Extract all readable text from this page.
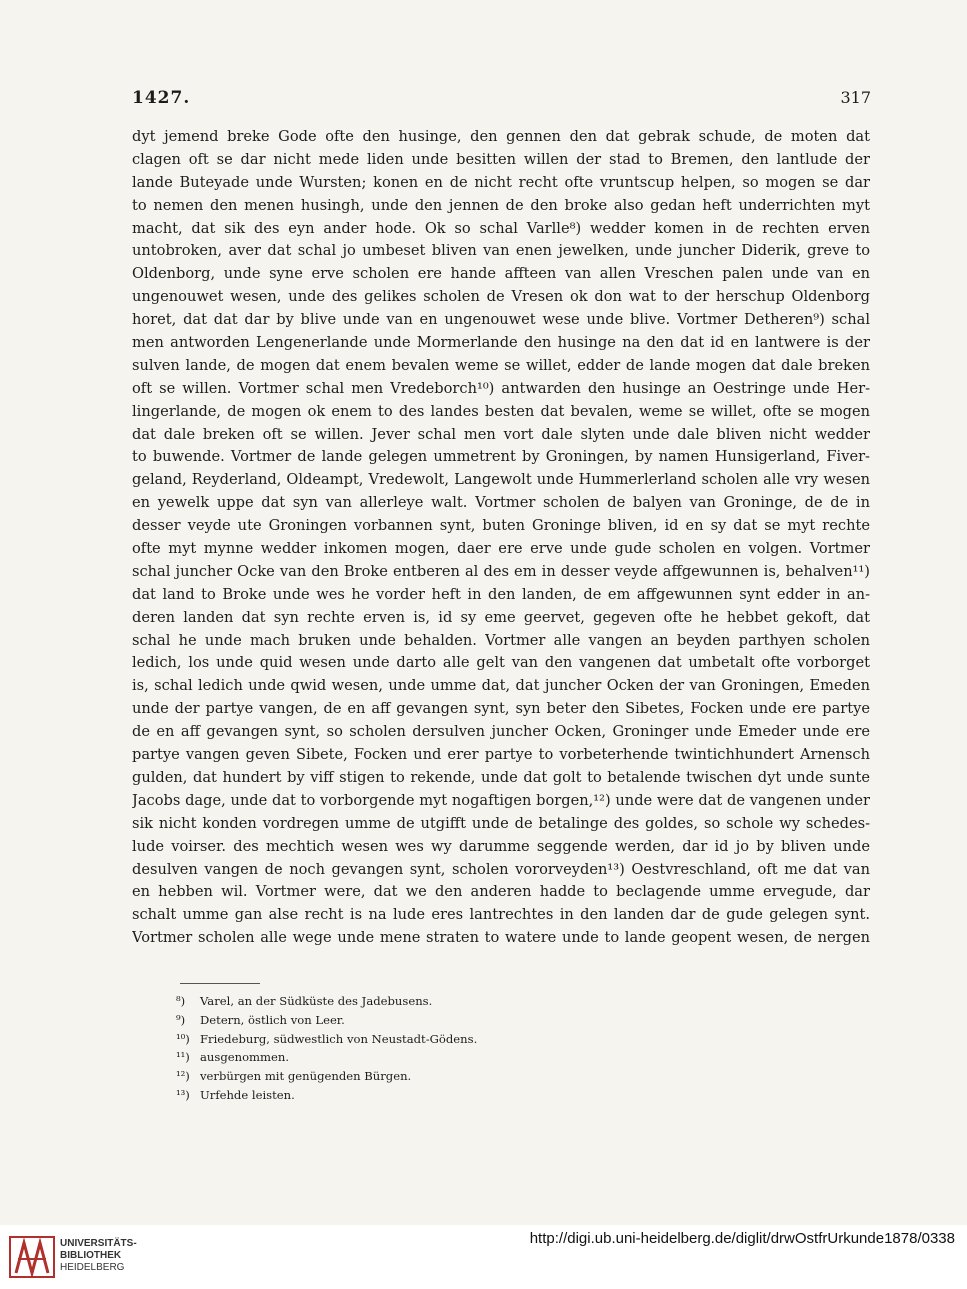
1427.	317
dyt jemend breke Gode ofte den husinge, den gennen den dat gebrak schude, de moten dat
clagen oft se dar nicht mede liden unde besitten willen der stad to Bremen, den lantlude der
lande Buteyade unde Wursten; konen en de nicht recht ofte vruntscup helpen, so mogen se dar
to nemen den menen husingh, unde den jennen de den broke also gedan heft underrichten myt
macht, dat sik des eyn ander hode. Ok so schal Varlle⁸) wedder komen in de rechten erven
untobroken, aver dat schal jo umbeset bliven van enen jewelken, unde juncher Diderik, greve to
Oldenborg, unde syne erve scholen ere hande affteen van allen Vreschen palen unde van en
ungenouwet wesen, unde des gelikes scholen de Vresen ok don wat to der herschup Oldenborg
horet, dat dat dar by blive unde van en ungenouwet wese unde blive. Vortmer Detheren⁹) schal
men antworden Lengenerlande unde Mormerlande den husinge na den dat id en lantwere is der
sulven lande, de mogen dat enem bevalen weme se willet, edder de lande mogen dat dale breken
oft se willen. Vortmer schal men Vredeborch¹⁰) antwarden den husinge an Oestringe unde Her-
lingerlande, de mogen ok enem to des landes besten dat bevalen, weme se willet, ofte se mogen
dat dale breken oft se willen. Jever schal men vort dale slyten unde dale bliven nicht wedder
to buwende. Vortmer de lande gelegen ummetrent by Groningen, by namen Hunsigerland, Fiver-
geland, Reyderland, Oldeampt, Vredewolt, Langewolt unde Hummerlerland scholen alle vry wesen
en yewelk uppe dat syn van allerleye walt. Vortmer scholen de balyen van Groninge, de de in
desser veyde ute Groningen vorbannen synt, buten Groninge bliven, id en sy dat se myt rechte
ofte myt mynne wedder inkomen mogen, daer ere erve unde gude scholen en volgen. Vortmer
schal juncher Ocke van den Broke entberen al des em in desser veyde affgewunnen is, behalven¹¹)
dat land to Broke unde wes he vorder heft in den landen, de em affgewunnen synt edder in an-
deren landen dat syn rechte erven is, id sy eme geervet, gegeven ofte he hebbet gekoft, dat
schal he unde mach bruken unde behalden. Vortmer alle vangen an beyden parthyen scholen
ledich, los unde quid wesen unde darto alle gelt van den vangenen dat umbetalt ofte vorborget
is, schal ledich unde qwid wesen, unde umme dat, dat juncher Ocken der van Groningen, Emeden
unde der partye vangen, de en aff gevangen synt, syn beter den Sibetes, Focken unde ere partye
de en aff gevangen synt, so scholen dersulven juncher Ocken, Groninger unde Emeder unde ere
partye vangen geven Sibete, Focken und erer partye to vorbeterhende twintichhundert Arnensch
gulden, dat hundert by viff stigen to rekende, unde dat golt to betalende twischen dyt unde sunte
Jacobs dage, unde dat to vorborgende myt nogaftigen borgen,¹²) unde were dat de vangenen under
sik nicht konden vordregen umme de utgifft unde de betalinge des goldes, so schole wy schedes-
lude voirser. des mechtich wesen wes wy darumme seggende werden, dar id jo by bliven unde
desulven vangen de noch gevangen synt, scholen vororveyden¹³) Oestvreschland, oft me dat van
en hebben wil. Vortmer were, dat we den anderen hadde to beclagende umme ervegude, dar
schalt umme gan alse recht is na lude eres lantrechtes in den landen dar de gude gelegen synt.
Vortmer scholen alle wege unde mene straten to watere unde to lande geopent wesen, de nergen
⁸) Varel, an der Südküste des Jadebusens.
⁹) Detern, östlich von Leer.
¹⁰) Friedeburg, südwestlich von Neustadt-Gödens.
¹¹) ausgenommen.
¹²) verbürgen mit genügenden Bürgen.
¹³) Urfehde leisten.
UNIVERSITÄTS-
BIBLIOTHEK
HEIDELBERG
http://digi.ub.uni-heidelberg.de/diglit/drwOstfrUrkunde1878/0338
